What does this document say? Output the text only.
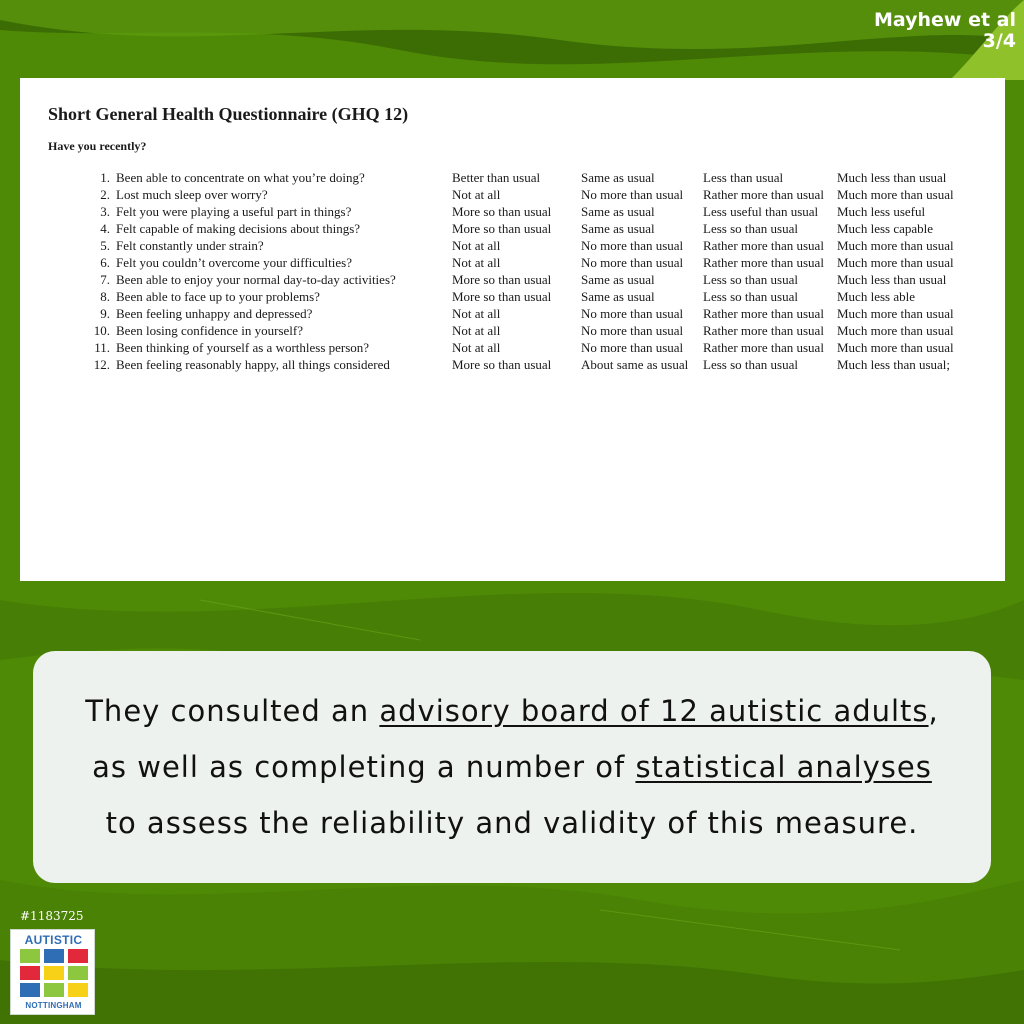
Mayhew et al
3/4
Short General Health Questionnaire (GHQ 12)

Have you recently?

1.	Been able to concentrate on what you’re doing?	Better than usual	Same as usual	Less than usual	Much less than usual
2.	Lost much sleep over worry?	Not at all	No more than usual	Rather more than usual	Much more than usual
3.	Felt you were playing a useful part in things?	More so than usual	Same as usual	Less useful than usual	Much less useful
4.	Felt capable of making decisions about things?	More so than usual	Same as usual	Less so than usual	Much less capable
5.	Felt constantly under strain?	Not at all	No more than usual	Rather more than usual	Much more than usual
6.	Felt you couldn’t overcome your difficulties?	Not at all	No more than usual	Rather more than usual	Much more than usual
7.	Been able to enjoy your normal day-to-day activities?	More so than usual	Same as usual	Less so than usual	Much less than usual
8.	Been able to face up to your problems?	More so than usual	Same as usual	Less so than usual	Much less able
9.	Been feeling unhappy and depressed?	Not at all	No more than usual	Rather more than usual	Much more than usual
10.	Been losing confidence in yourself?	Not at all	No more than usual	Rather more than usual	Much more than usual
11.	Been thinking of yourself as a worthless person?	Not at all	No more than usual	Rather more than usual	Much more than usual
12.	Been feeling reasonably happy, all things considered	More so than usual	About same as usual	Less so than usual	Much less than usual;

They consulted an advisory board of 12 autistic adults, as well as completing a number of statistical analyses to assess the reliability and validity of this measure.

#1183725
AUTISTIC
NOTTINGHAM
